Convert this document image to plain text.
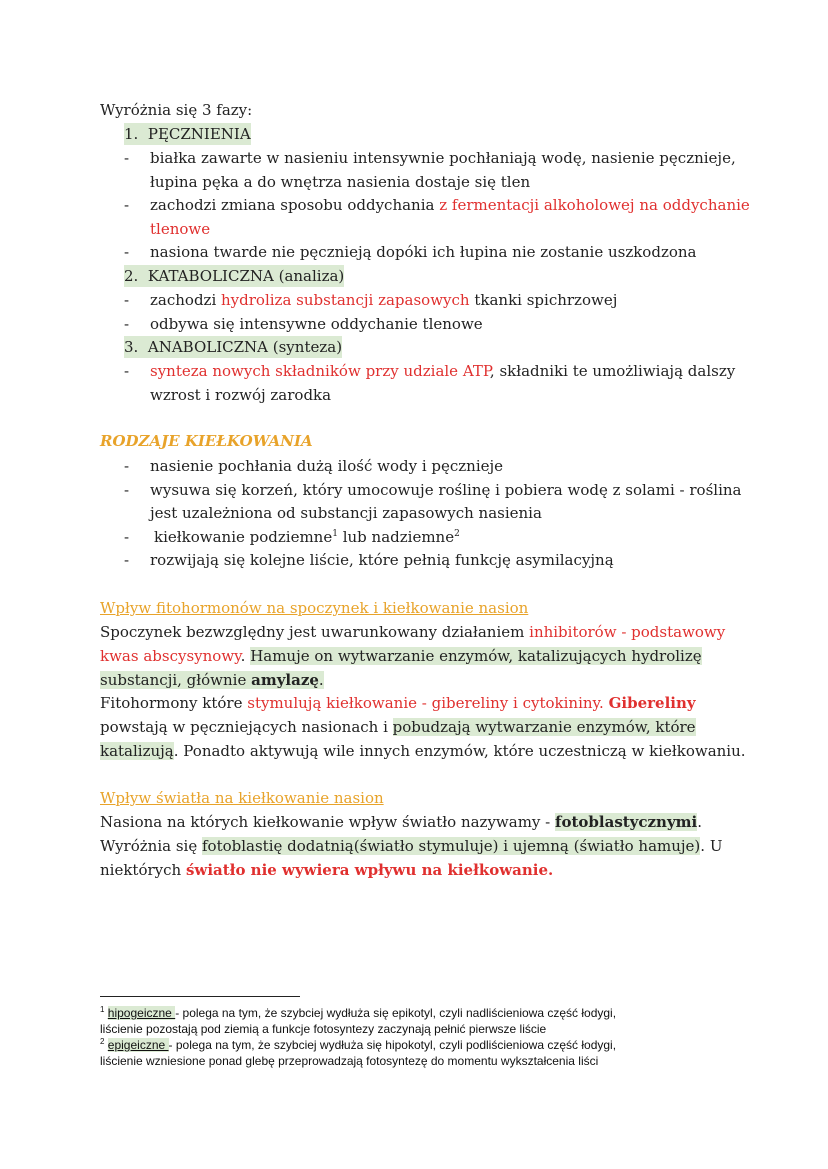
Wyróżnia się 3 fazy:
1. PĘCZNIENIA
- białka zawarte w nasieniu intensywnie pochłaniają wodę, nasienie pęcznieje,
łupina pęka a do wnętrza nasienia dostaje się tlen
- zachodzi zmiana sposobu oddychania z fermentacji alkoholowej na oddychanie
tlenowe
- nasiona twarde nie pęcznieją dopóki ich łupina nie zostanie uszkodzona
2. KATABOLICZNA (analiza)
- zachodzi hydroliza substancji zapasowych tkanki spichrzowej
- odbywa się intensywne oddychanie tlenowe
3. ANABOLICZNA (synteza)
- synteza nowych składników przy udziale ATP, składniki te umożliwiają dalszy
wzrost i rozwój zarodka
RODZAJE KIEŁKOWANIA
- nasienie pochłania dużą ilość wody i pęcznieje
- wysuwa się korzeń, który umocowuje roślinę i pobiera wodę z solami - roślina
jest uzależniona od substancji zapasowych nasienia
- kiełkowanie podziemne$^1$ lub nadziemne$^2$
- rozwijają się kolejne liście, które pełnią funkcję asymilacyjną
Wpływ fitohormonów na spoczynek i kiełkowanie nasion
Spoczynek bezwzględny jest uwarunkowany działaniem inhibitorów - podstawowy
kwas abscysynowy. Hamuje on wytwarzanie enzymów, katalizujących hydrolizę
substancji, głównie amylazę.
Fitohormony które stymulują kiełkowanie - gibereliny i cytokininy. Gibereliny
powstają w pęczniejących nasionach i pobudzają wytwarzanie enzymów, które
katalizują. Ponadto aktywują wile innych enzymów, które uczestniczą w kiełkowaniu.
Wpływ światła na kiełkowanie nasion
Nasiona na których kiełkowanie wpływ światło nazywamy - fotoblastycznymi.
Wyróżnia się fotoblastię dodatnią(światło stymuluje) i ujemną (światło hamuje). U
niektórych światło nie wywiera wpływu na kiełkowanie.
$^1$ hipogeiczne - polega na tym, że szybciej wydłuża się epikotyl, czyli nadliścieniowa część łodygi,
liścienie pozostają pod ziemią a funkcje fotosyntezy zaczynają pełnić pierwsze liście
$^2$ epigeiczne - polega na tym, że szybciej wydłuża się hipokotyl, czyli podliścieniowa część łodygi,
liścienie wzniesione ponad glebę przeprowadzają fotosyntezę do momentu wykształcenia liści
